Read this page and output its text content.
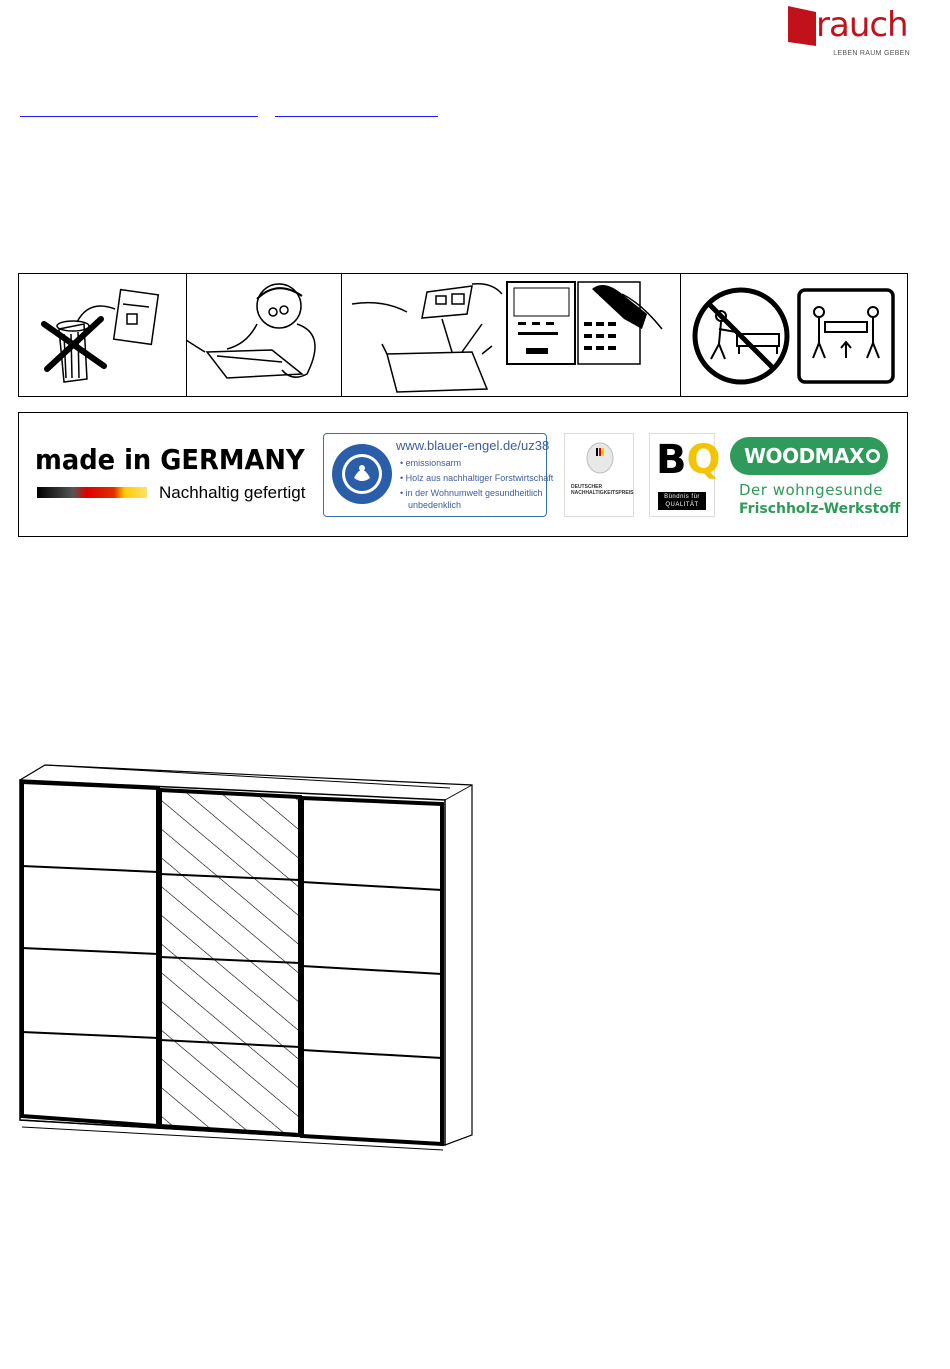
rauch
LEBEN RAUM GEBEN
made in GERMANY
Nachhaltig gefertigt
www.blauer-engel.de/uz38
• emissionsarm
• Holz aus nachhaltiger Forstwirtschaft
• in der Wohnumwelt gesundheitlich
unbedenklich
DEUTSCHER NACHHALTIGKEITSPREIS
BQ
Bündnis für QUALITÄT
WOODMAX
Der wohngesunde
Frischholz-Werkstoff
